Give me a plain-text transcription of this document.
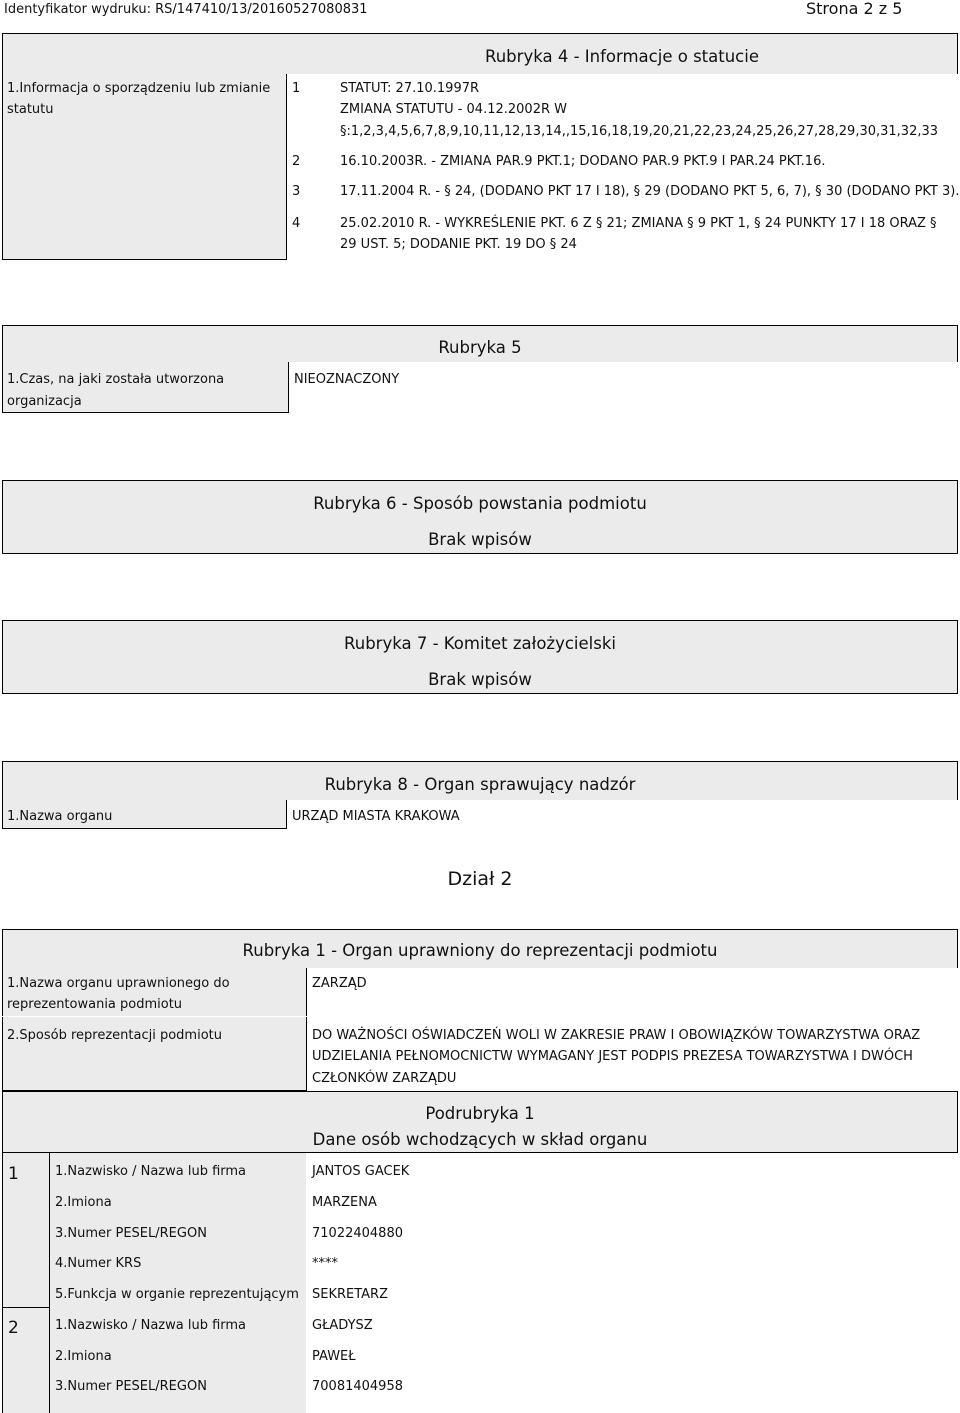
Identyfikator wydruku: RS/147410/13/20160527080831	Strona 2 z 5
Rubryka 4 - Informacje o statucie
1.Informacja o sporządzeniu lub zmianie
statutu
1	STATUT: 27.10.1997R
ZMIANA STATUTU - 04.12.2002R W
§:1,2,3,4,5,6,7,8,9,10,11,12,13,14,,15,16,18,19,20,21,22,23,24,25,26,27,28,29,30,31,32,33
2	16.10.2003R. - ZMIANA PAR.9 PKT.1; DODANO PAR.9 PKT.9 I PAR.24 PKT.16.
3	17.11.2004 R. - § 24, (DODANO PKT 17 I 18), § 29 (DODANO PKT 5, 6, 7), § 30 (DODANO PKT 3).
4	25.02.2010 R. - WYKREŚLENIE PKT. 6 Z § 21; ZMIANA § 9 PKT 1, § 24 PUNKTY 17 I 18 ORAZ §
29 UST. 5; DODANIE PKT. 19 DO § 24
Rubryka 5
1.Czas, na jaki została utworzona
organizacja
NIEOZNACZONY
Rubryka 6 - Sposób powstania podmiotu
Brak wpisów
Rubryka 7 - Komitet założycielski
Brak wpisów
Rubryka 8 - Organ sprawujący nadzór
1.Nazwa organu	URZĄD MIASTA KRAKOWA
Dział 2
Rubryka 1 - Organ uprawniony do reprezentacji podmiotu
1.Nazwa organu uprawnionego do
reprezentowania podmiotu
ZARZĄD
2.Sposób reprezentacji podmiotu	DO WAŻNOŚCI OŚWIADCZEŃ WOLI W ZAKRESIE PRAW I OBOWIĄZKÓW TOWARZYSTWA ORAZ
UDZIELANIA PEŁNOMOCNICTW WYMAGANY JEST PODPIS PREZESA TOWARZYSTWA I DWÓCH
CZŁONKÓW ZARZĄDU
Podrubryka 1
Dane osób wchodzących w skład organu
1	1.Nazwisko / Nazwa lub firma	JANTOS GACEK
2.Imiona	MARZENA
3.Numer PESEL/REGON	71022404880
4.Numer KRS	****
5.Funkcja w organie reprezentującym SEKRETARZ
2	1.Nazwisko / Nazwa lub firma	GŁADYSZ
2.Imiona	PAWEŁ
3.Numer PESEL/REGON	70081404958
